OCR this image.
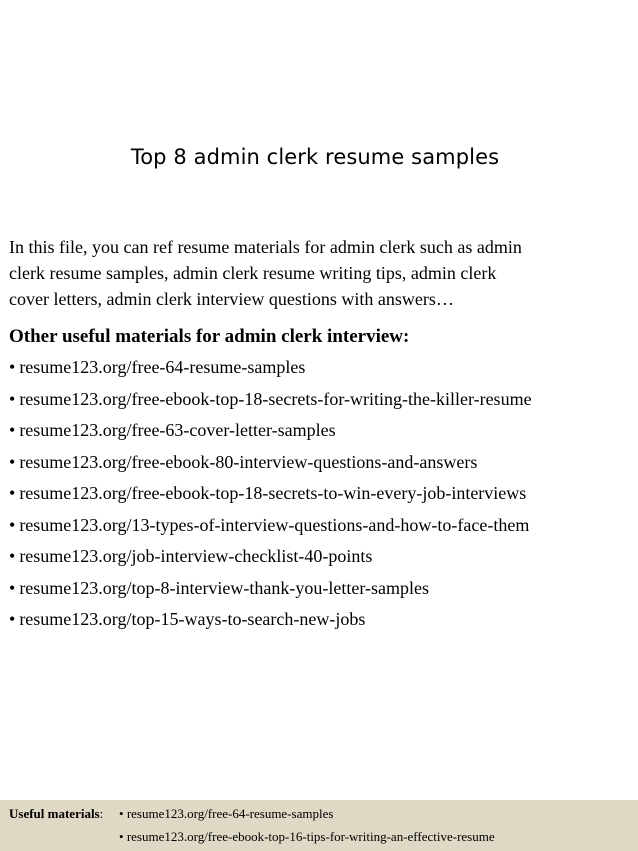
Top 8 admin clerk resume samples

In this file, you can ref resume materials for admin clerk such as admin
clerk resume samples, admin clerk resume writing tips, admin clerk
cover letters, admin clerk interview questions with answers…

Other useful materials for admin clerk interview:
• resume123.org/free-64-resume-samples
• resume123.org/free-ebook-top-18-secrets-for-writing-the-killer-resume
• resume123.org/free-63-cover-letter-samples
• resume123.org/free-ebook-80-interview-questions-and-answers
• resume123.org/free-ebook-top-18-secrets-to-win-every-job-interviews
• resume123.org/13-types-of-interview-questions-and-how-to-face-them
• resume123.org/job-interview-checklist-40-points
• resume123.org/top-8-interview-thank-you-letter-samples
• resume123.org/top-15-ways-to-search-new-jobs
Useful materials: • resume123.org/free-64-resume-samples
• resume123.org/free-ebook-top-16-tips-for-writing-an-effective-resume
